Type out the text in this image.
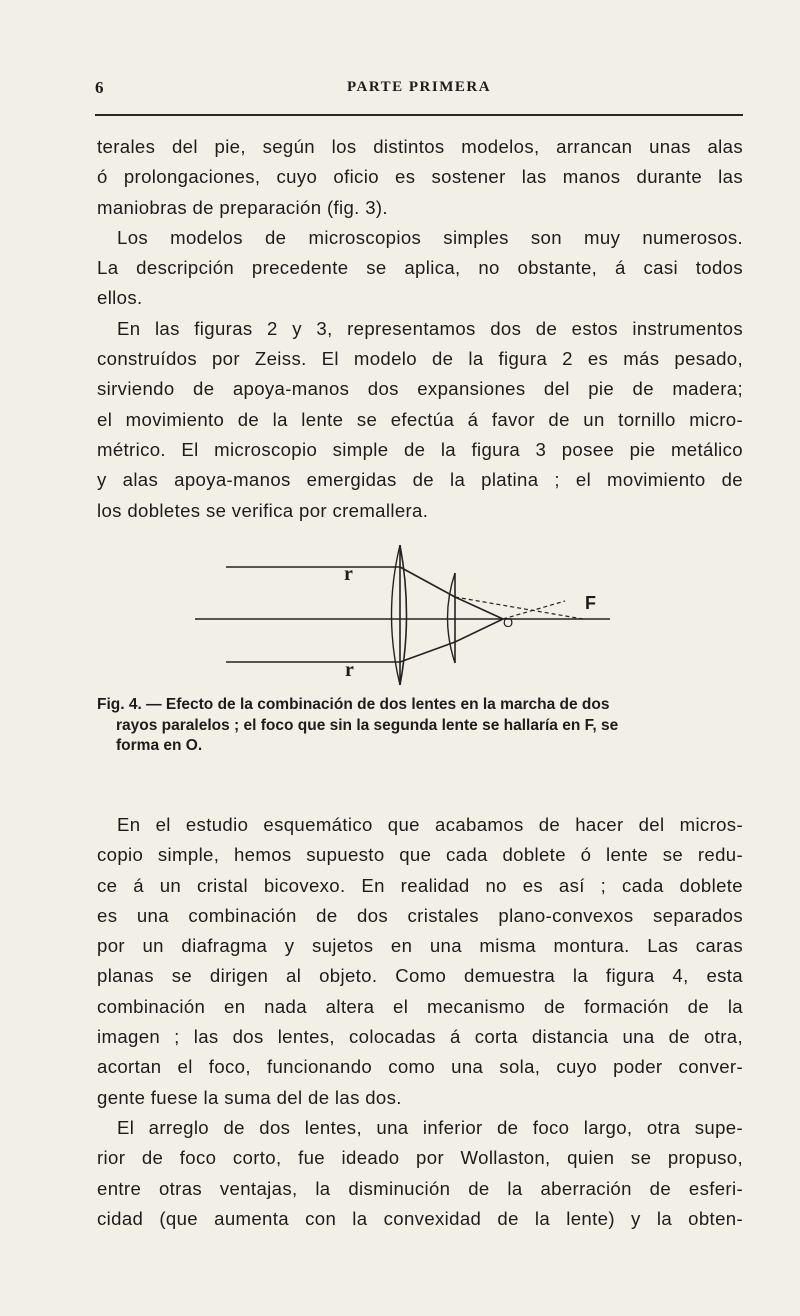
6	PARTE PRIMERA
terales del pie, según los distintos modelos, arrancan unas alas
ó prolongaciones, cuyo oficio es sostener las manos durante las
maniobras de preparación (fig. 3).
Los modelos de microscopios simples son muy numerosos.
La descripción precedente se aplica, no obstante, á casi todos
ellos.
En las figuras 2 y 3, representamos dos de estos instrumentos
construídos por Zeiss. El modelo de la figura 2 es más pesado,
sirviendo de apoya-manos dos expansiones del pie de madera;
el movimiento de la lente se efectúa á favor de un tornillo micro-
métrico. El microscopio simple de la figura 3 posee pie metálico
y alas apoya-manos emergidas de la platina ; el movimiento de
los dobletes se verifica por cremallera.
r
r
F
O
Fig. 4. — Efecto de la combinación de dos lentes en la marcha de dos
rayos paralelos ; el foco que sin la segunda lente se hallaría en F, se
forma en O.
En el estudio esquemático que acabamos de hacer del micros-
copio simple, hemos supuesto que cada doblete ó lente se redu-
ce á un cristal bicovexo. En realidad no es así ; cada doblete
es una combinación de dos cristales plano-convexos separados
por un diafragma y sujetos en una misma montura. Las caras
planas se dirigen al objeto. Como demuestra la figura 4, esta
combinación en nada altera el mecanismo de formación de la
imagen ; las dos lentes, colocadas á corta distancia una de otra,
acortan el foco, funcionando como una sola, cuyo poder conver-
gente fuese la suma del de las dos.
El arreglo de dos lentes, una inferior de foco largo, otra supe-
rior de foco corto, fue ideado por Wollaston, quien se propuso,
entre otras ventajas, la disminución de la aberración de esferi-
cidad (que aumenta con la convexidad de la lente) y la obten-
